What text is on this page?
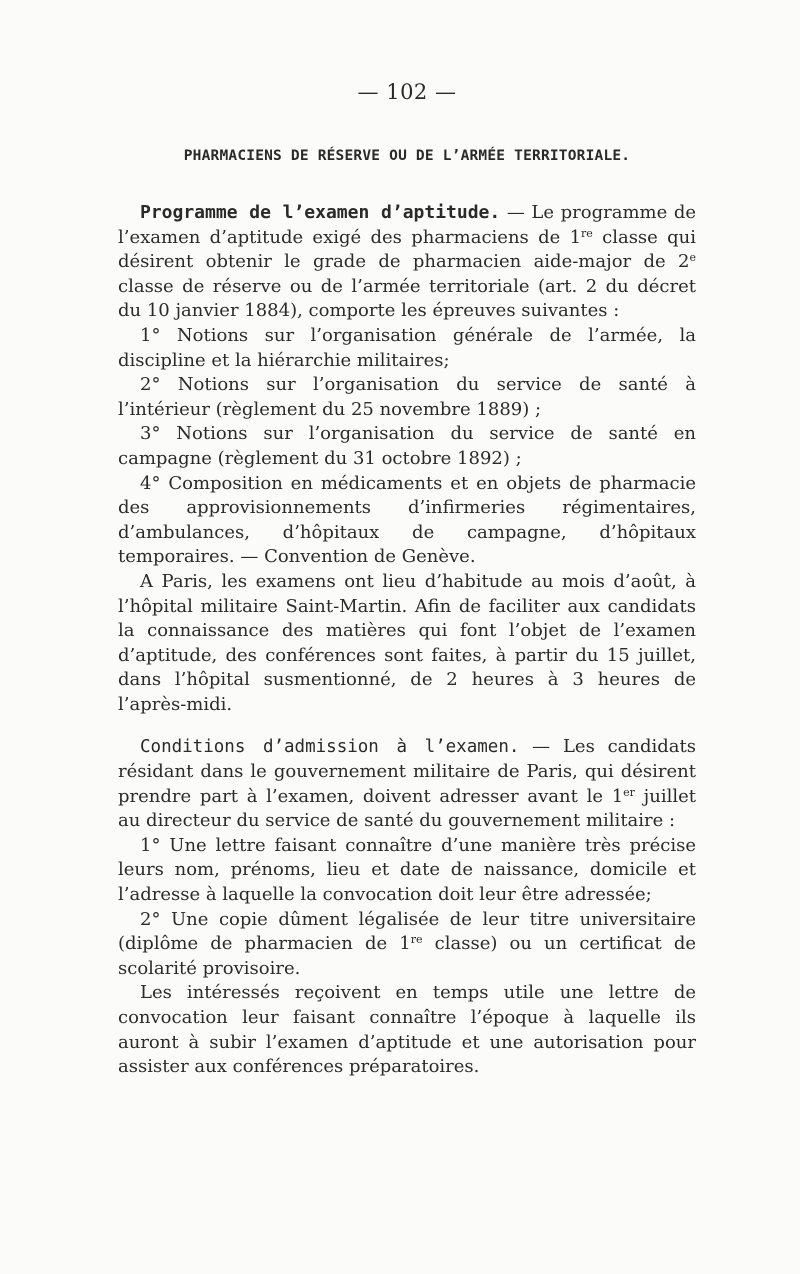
— 102 —
PHARMACIENS DE RÉSERVE OU DE L’ARMÉE TERRITORIALE.

Programme de l’examen d’aptitude. — Le programme de l’examen d’aptitude exigé des pharmaciens de 1re classe qui désirent obtenir le grade de pharmacien aide-major de 2e classe de réserve ou de l’armée territoriale (art. 2 du décret du 10 janvier 1884), comporte les épreuves suivantes :

1° Notions sur l’organisation générale de l’armée, la discipline et la hiérarchie militaires;

2° Notions sur l’organisation du service de santé à l’intérieur (règlement du 25 novembre 1889) ;

3° Notions sur l’organisation du service de santé en campagne (règlement du 31 octobre 1892) ;

4° Composition en médicaments et en objets de pharmacie des approvisionnements d’infirmeries régimentaires, d’ambulances, d’hôpitaux de campagne, d’hôpitaux temporaires. — Convention de Genève.

A Paris, les examens ont lieu d’habitude au mois d’août, à l’hôpital militaire Saint-Martin. Afin de faciliter aux candidats la connaissance des matières qui font l’objet de l’examen d’aptitude, des conférences sont faites, à partir du 15 juillet, dans l’hôpital susmentionné, de 2 heures à 3 heures de l’après-midi.

Conditions d’admission à l’examen. — Les candidats résidant dans le gouvernement militaire de Paris, qui désirent prendre part à l’examen, doivent adresser avant le 1er juillet au directeur du service de santé du gouvernement militaire :

1° Une lettre faisant connaître d’une manière très précise leurs nom, prénoms, lieu et date de naissance, domicile et l’adresse à laquelle la convocation doit leur être adressée;

2° Une copie dûment légalisée de leur titre universitaire (diplôme de pharmacien de 1re classe) ou un certificat de scolarité provisoire.

Les intéressés reçoivent en temps utile une lettre de convocation leur faisant connaître l’époque à laquelle ils auront à subir l’examen d’aptitude et une autorisation pour assister aux conférences préparatoires.
